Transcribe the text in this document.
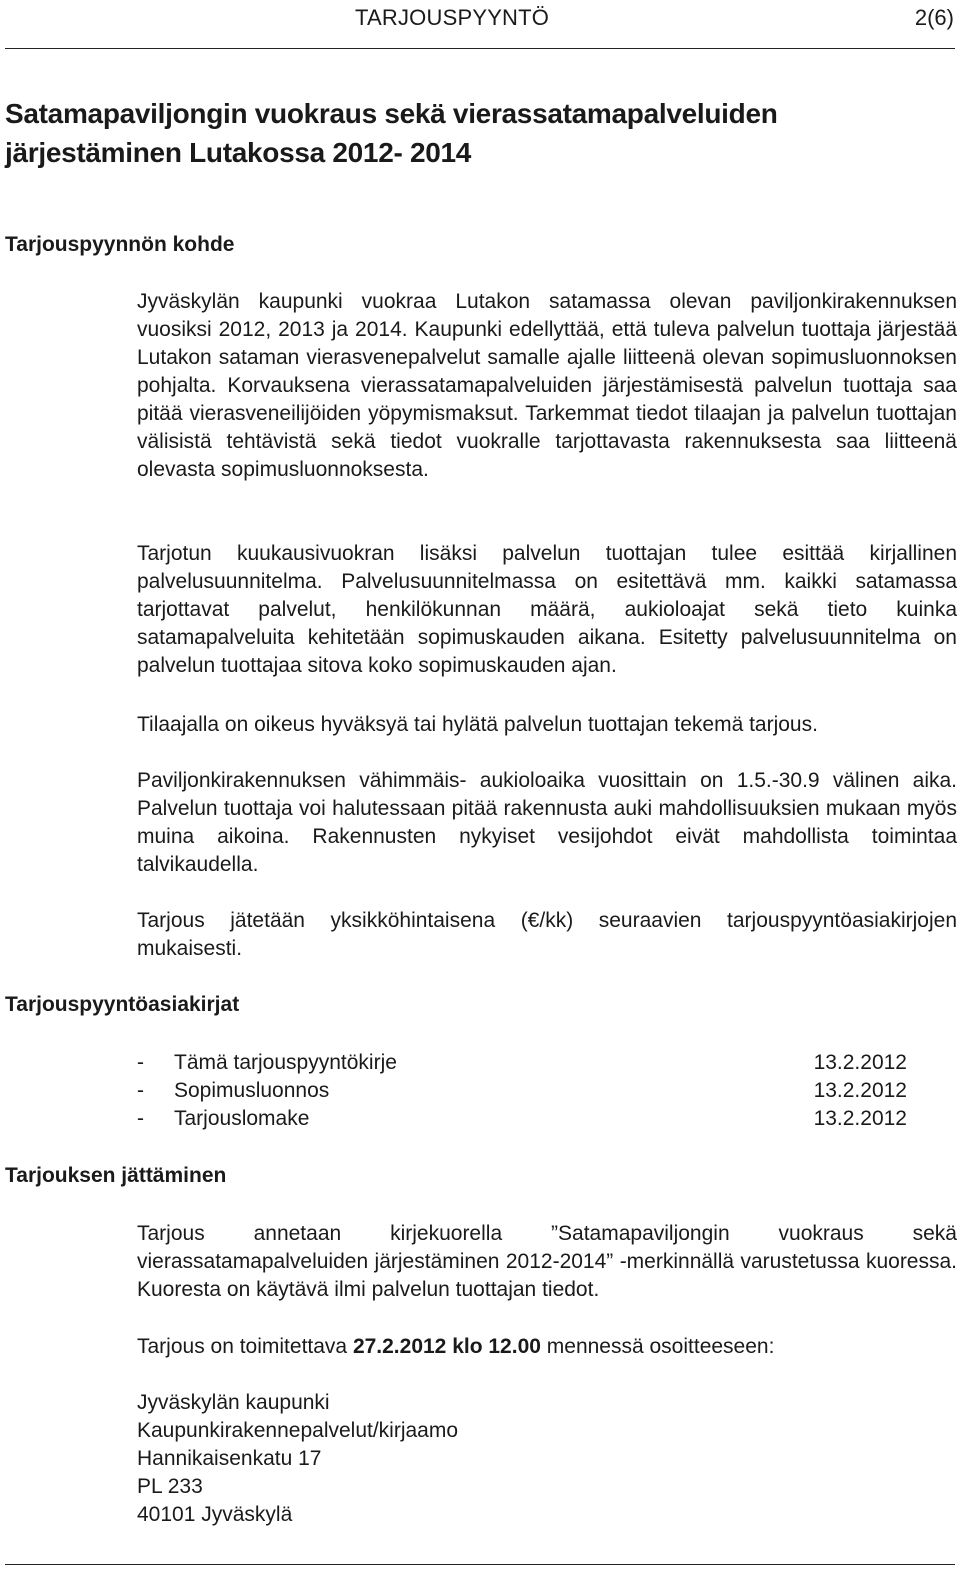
TARJOUSPYYNTÖ	2(6)
Satamapaviljongin vuokraus sekä vierassatamapalveluiden järjestäminen Lutakossa 2012- 2014
Tarjouspyynnön kohde

Jyväskylän kaupunki vuokraa Lutakon satamassa olevan paviljonkirakennuksen vuosiksi 2012, 2013 ja 2014. Kaupunki edellyttää, että tuleva palvelun tuottaja järjestää Lutakon sataman vierasvenepalvelut samalle ajalle liitteenä olevan sopimusluonnoksen pohjalta. Korvauksena vierassatamapalveluiden järjestämisestä palvelun tuottaja saa pitää vierasveneilijöiden yöpymismaksut. Tarkemmat tiedot tilaajan ja palvelun tuottajan välisistä tehtävistä sekä tiedot vuokralle tarjottavasta rakennuksesta saa liitteenä olevasta sopimusluonnoksesta.

Tarjotun kuukausivuokran lisäksi palvelun tuottajan tulee esittää kirjallinen palvelusuunnitelma. Palvelusuunnitelmassa on esitettävä mm. kaikki satamassa tarjottavat palvelut, henkilökunnan määrä, aukioloajat sekä tieto kuinka satamapalveluita kehitetään sopimuskauden aikana. Esitetty palvelusuunnitelma on palvelun tuottajaa sitova koko sopimuskauden ajan.

Tilaajalla on oikeus hyväksyä tai hylätä palvelun tuottajan tekemä tarjous.

Paviljonkirakennuksen vähimmäis- aukioloaika vuosittain on 1.5.-30.9 välinen aika. Palvelun tuottaja voi halutessaan pitää rakennusta auki mahdollisuuksien mukaan myös muina aikoina. Rakennusten nykyiset vesijohdot eivät mahdollista toimintaa talvikaudella.

Tarjous jätetään yksikköhintaisena (€/kk) seuraavien tarjouspyyntöasiakirjojen mukaisesti.

Tarjouspyyntöasiakirjat
-	Tämä tarjouspyyntökirje	13.2.2012
-	Sopimusluonnos	13.2.2012
-	Tarjouslomake	13.2.2012
Tarjouksen jättäminen

Tarjous annetaan kirjekuorella ”Satamapaviljongin vuokraus sekä vierassatamapalveluiden järjestäminen 2012-2014” -merkinnällä varustetussa kuoressa. Kuoresta on käytävä ilmi palvelun tuottajan tiedot.

Tarjous on toimitettava 27.2.2012 klo 12.00 mennessä osoitteeseen:

Jyväskylän kaupunki
Kaupunkirakennepalvelut/kirjaamo
Hannikaisenkatu 17
PL 233
40101 Jyväskylä
